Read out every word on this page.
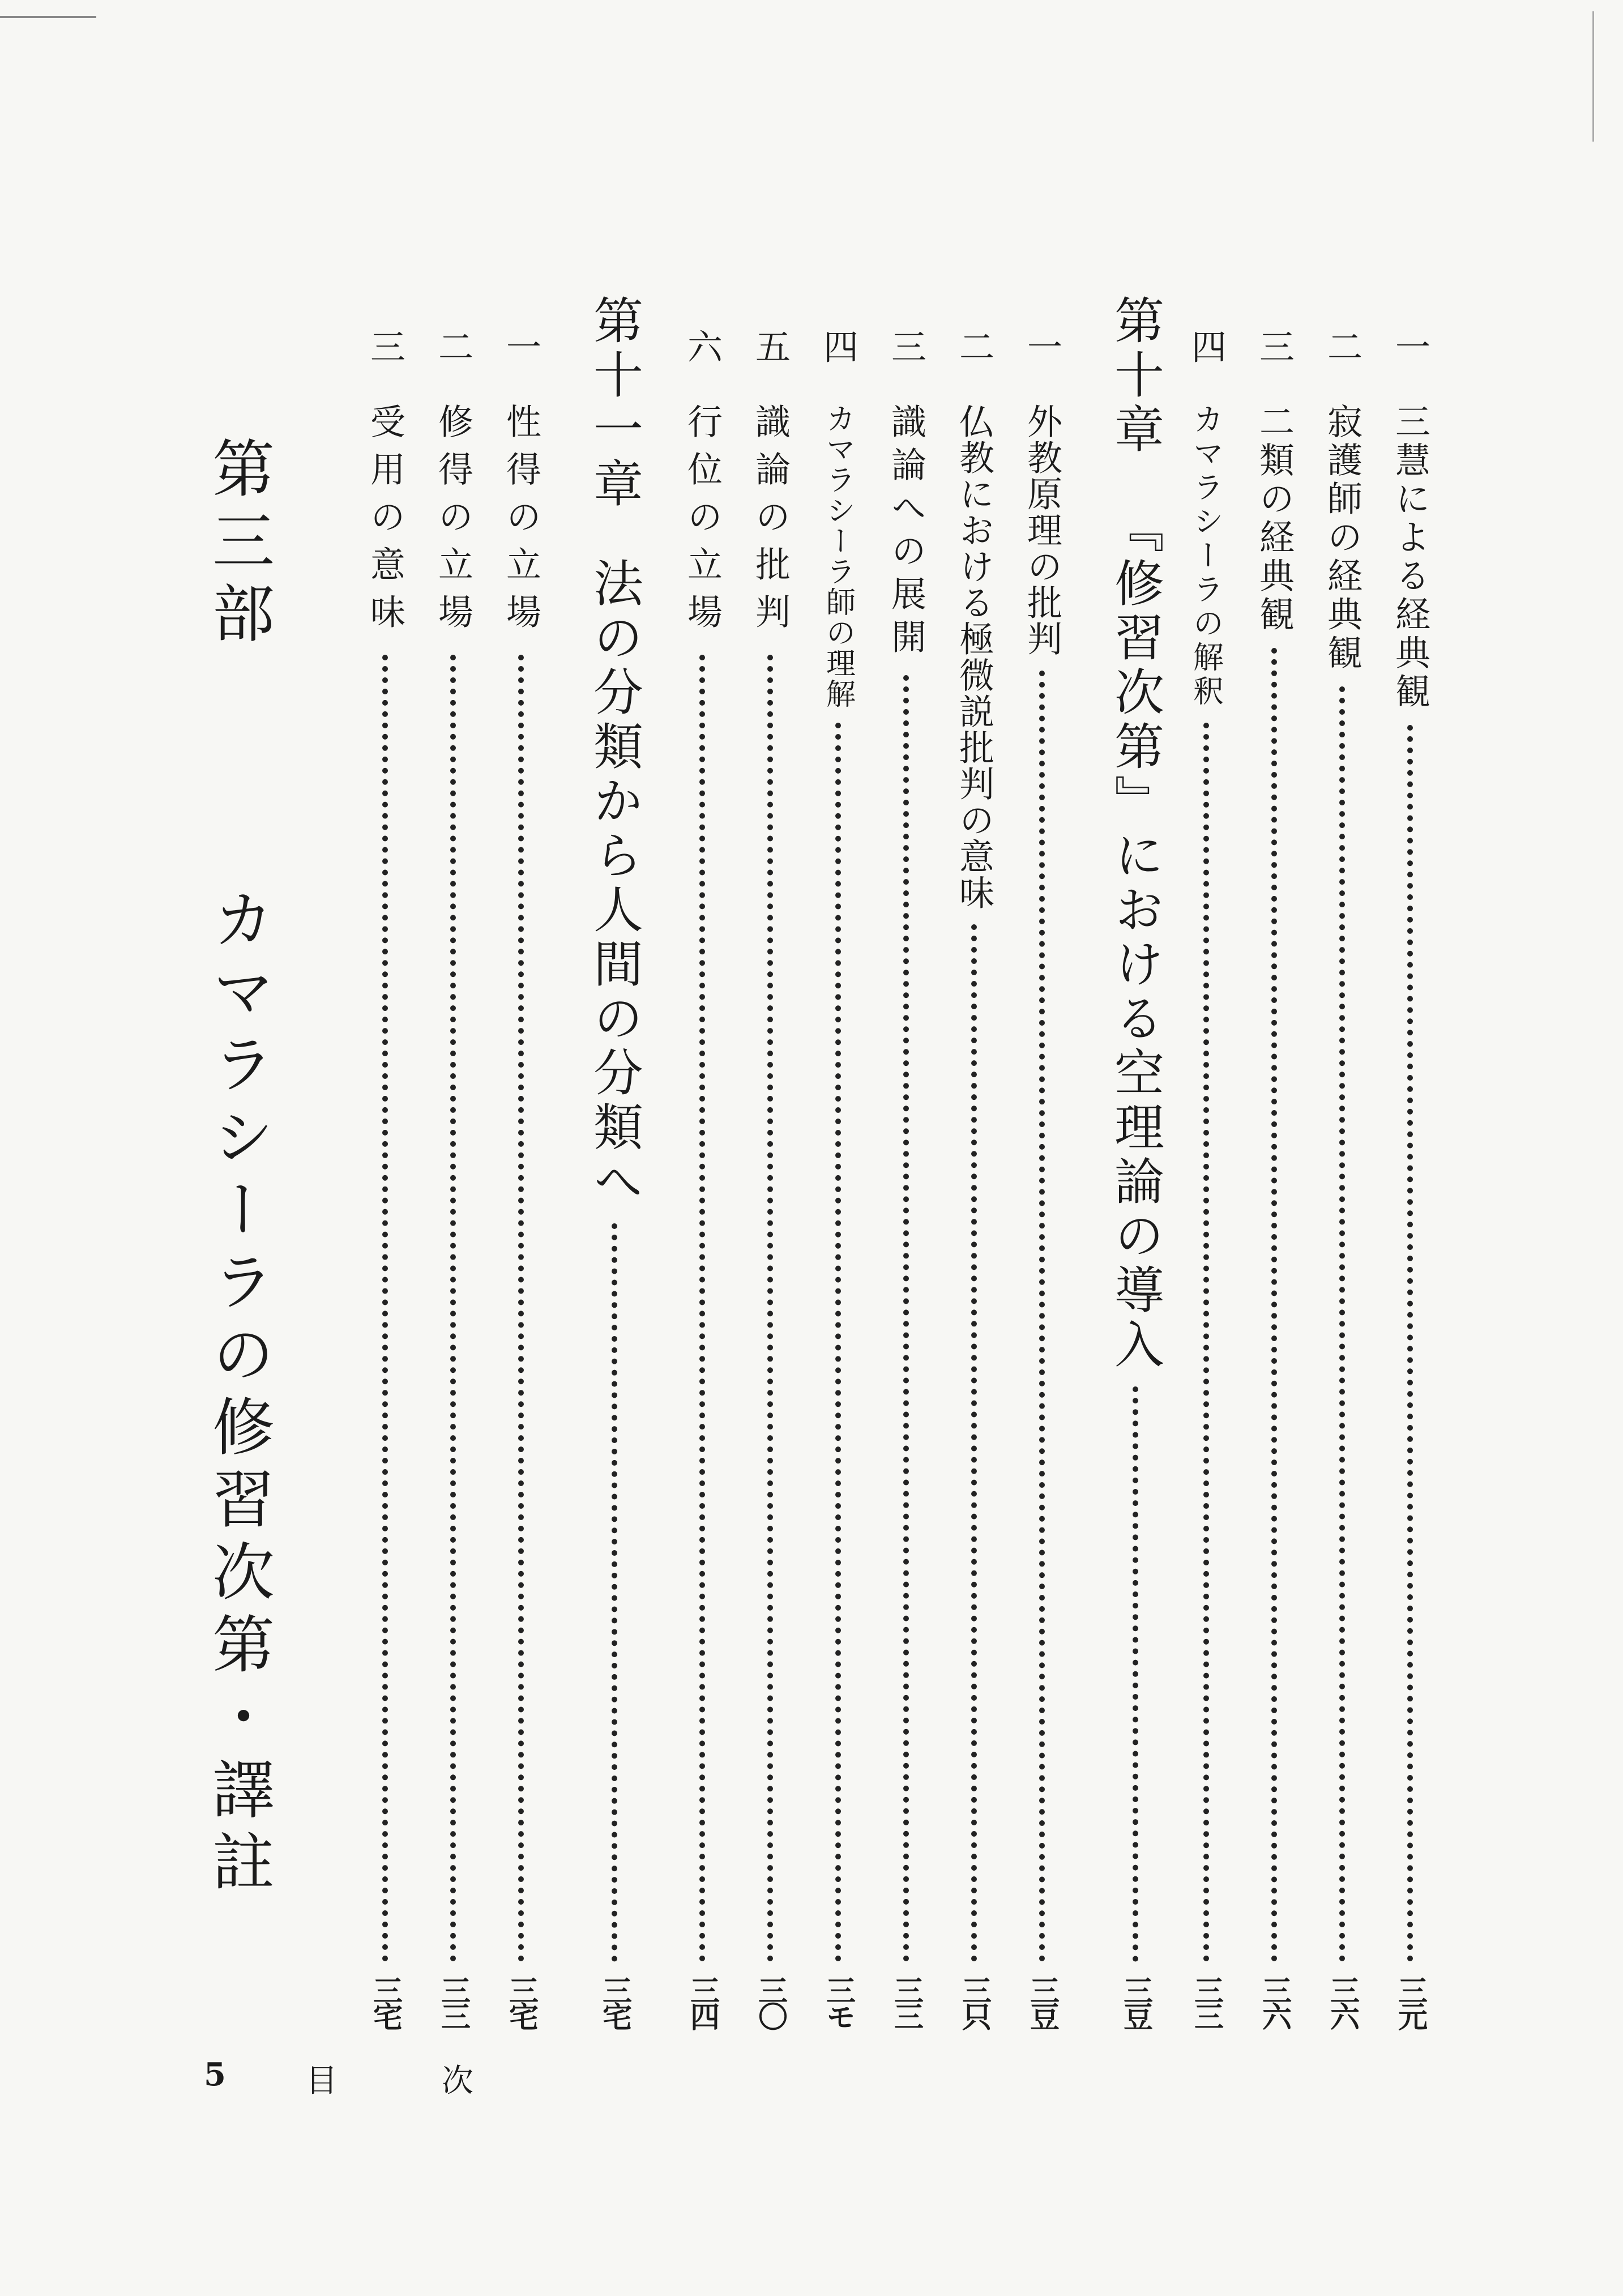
一
三慧による経典観
三元
二
寂護師の経典観
三六
三
二類の経典観
三六
四
カマラシーラの解釈
三三
第十章
『修習次第』における空理論の導入
三豆
一
外教原理の批判
三豆
二
仏教における極微説批判の意味
三只
三
識論への展開
三三
四
カマラシーラ師の理解
三モ
五
識論の批判
三〇
六
行位の立場
三四
第十一章
法の分類から人間の分類へ
三宅
一
性得の立場
三宅
二
修得の立場
三三
三
受用の意味
三宅
第三部  カマラシーラの修習次第・譯註
5	目	次
